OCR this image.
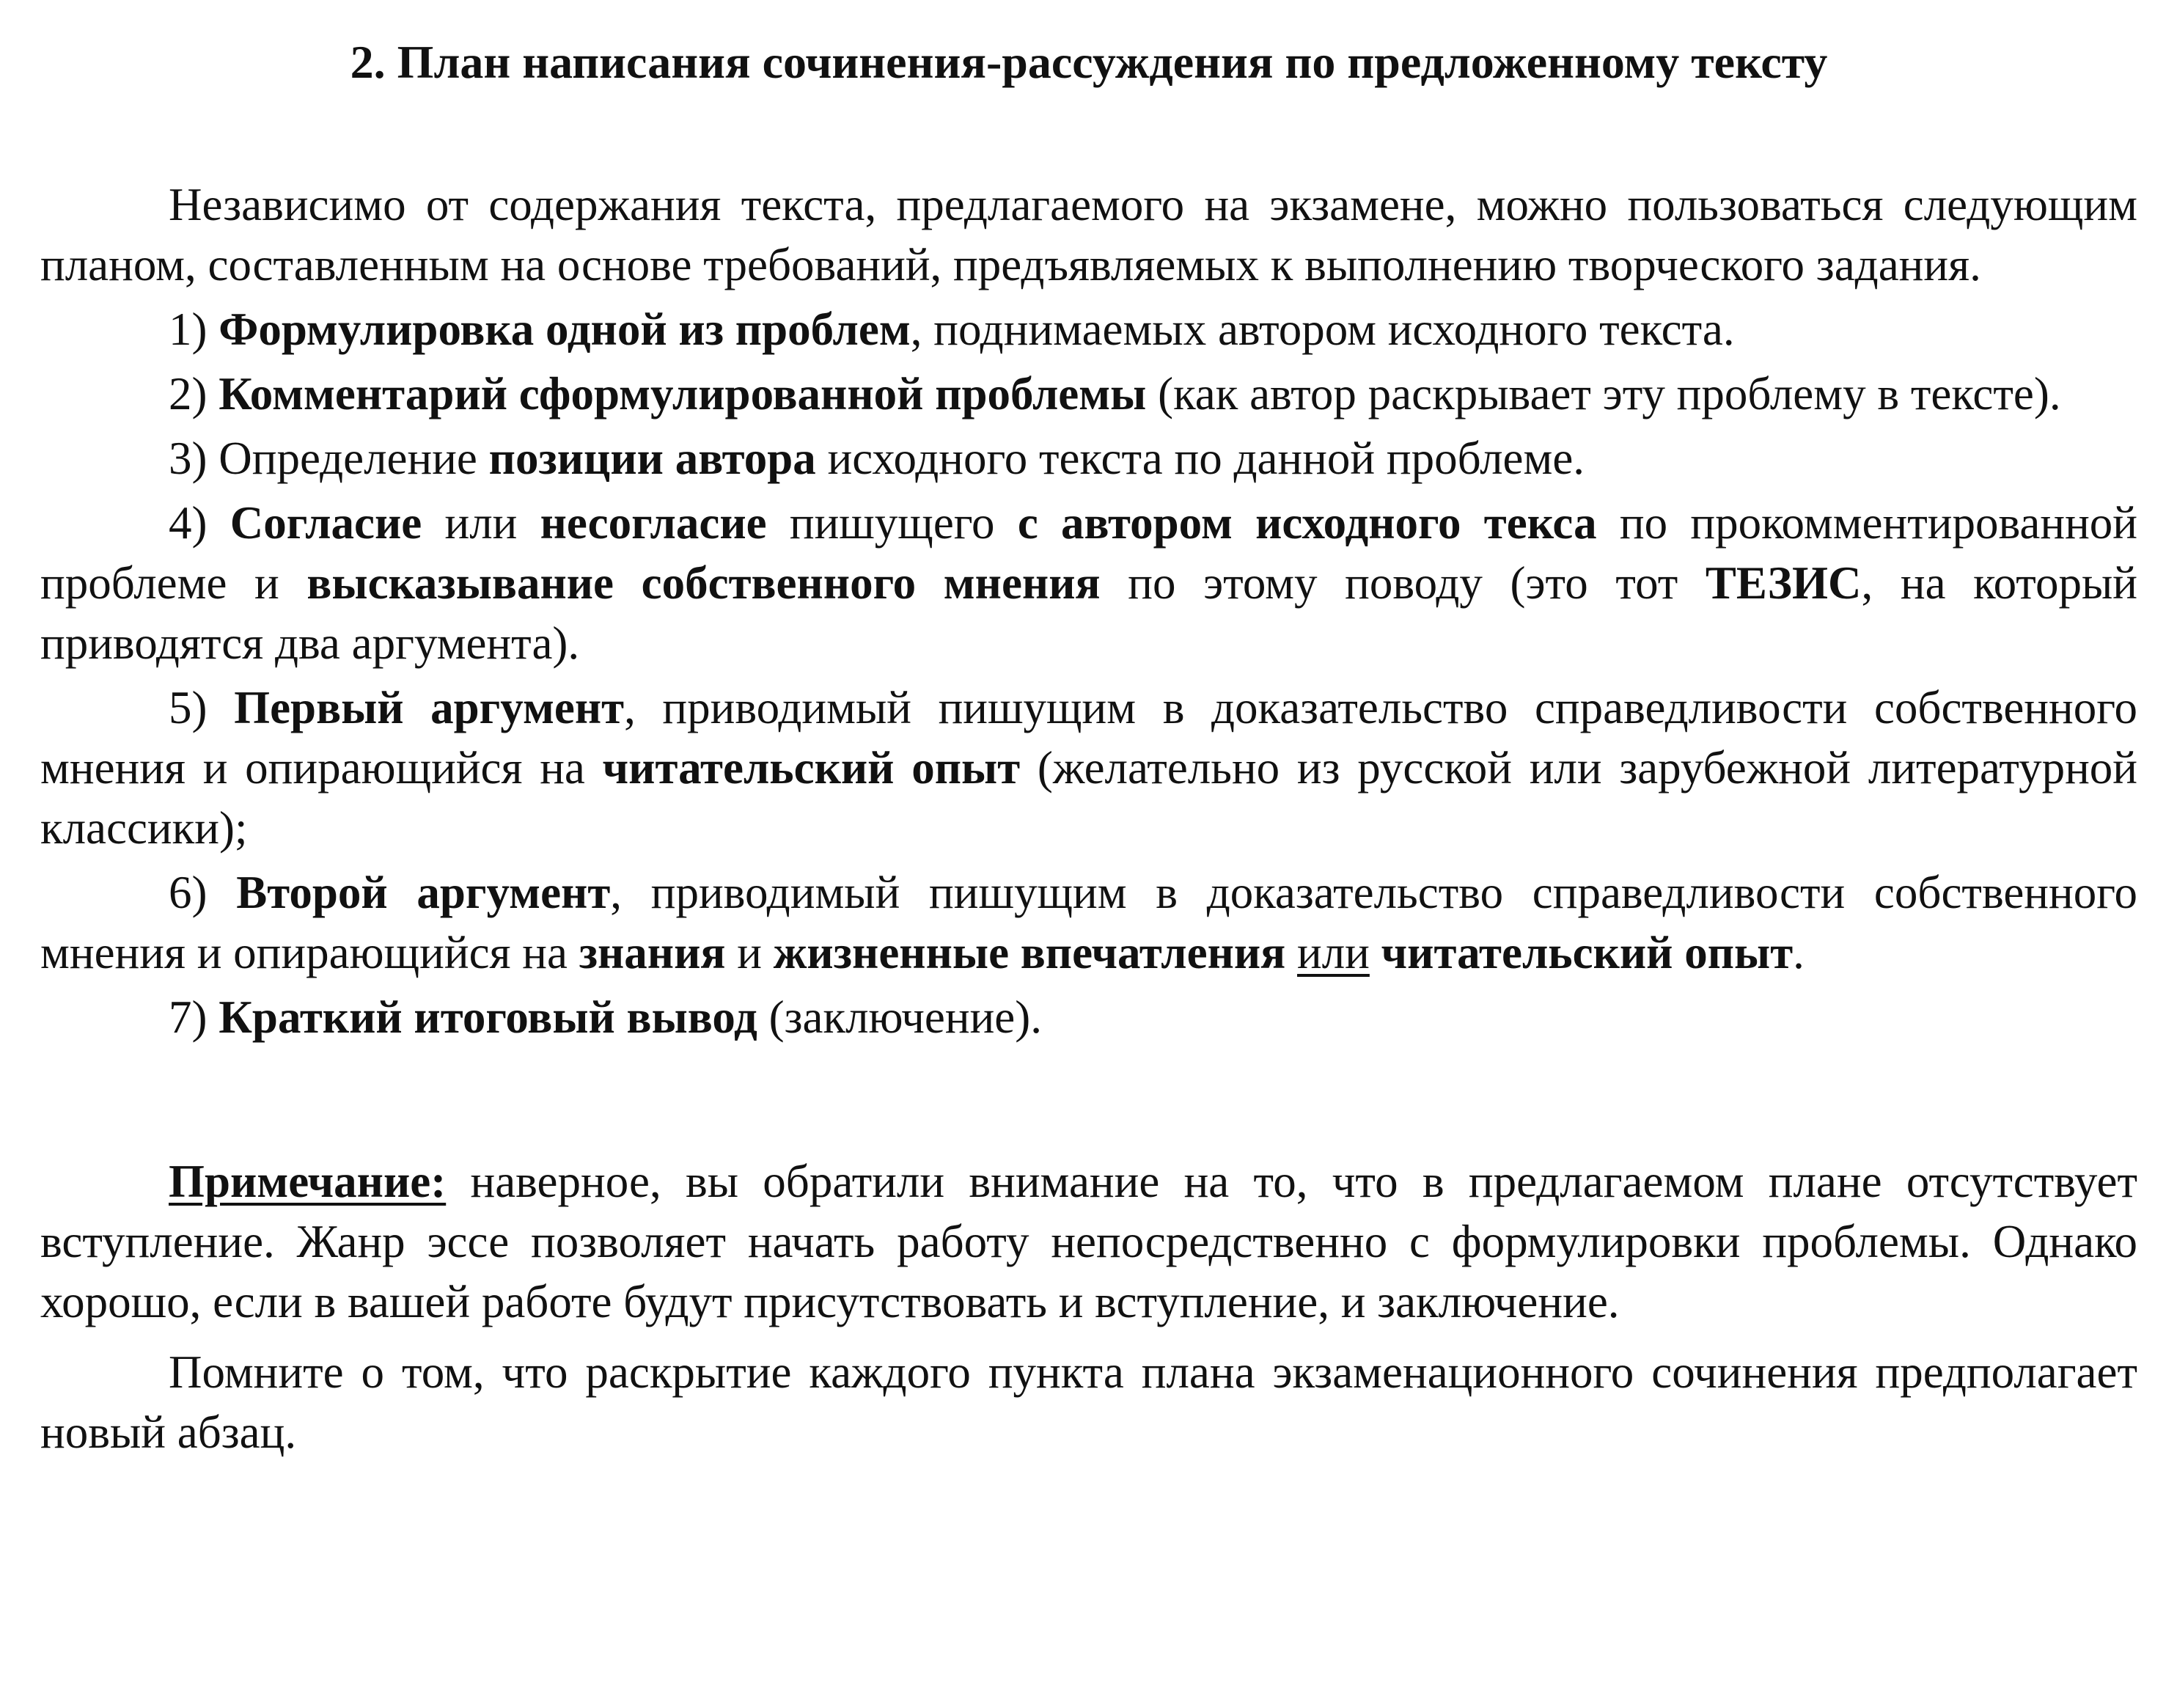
2. План написания сочинения-рассуждения по предложенному тексту

Независимо от содержания текста, предлагаемого на экзамене, можно пользоваться следующим планом, составленным на основе требований, предъявляемых к выполнению творческого задания.

1) Формулировка одной из проблем, поднимаемых автором исходного текста.

2) Комментарий сформулированной проблемы (как автор раскрывает эту проблему в тексте).

3) Определение позиции автора исходного текста по данной проблеме.

4) Согласие или несогласие пишущего с автором исходного текса по прокомментированной проблеме и высказывание собственного мнения по этому поводу (это тот ТЕЗИС, на который приводятся два аргумента).

5) Первый аргумент, приводимый пишущим в доказательство справедливости собственного мнения и опирающийся на читательский опыт (желательно из русской или зарубежной литературной классики);

6) Второй аргумент, приводимый пишущим в доказательство справедливости собственного мнения и опирающийся на знания и жизненные впечатления или читательский опыт.

7) Краткий итоговый вывод (заключение).

Примечание: наверное, вы обратили внимание на то, что в предлагаемом плане отсутствует вступление. Жанр эссе позволяет начать работу непосредственно с формулировки проблемы. Однако хорошо, если в вашей работе будут присутствовать и вступление, и заключение.

Помните о том, что раскрытие каждого пункта плана экзаменационного сочинения предполагает новый абзац.
